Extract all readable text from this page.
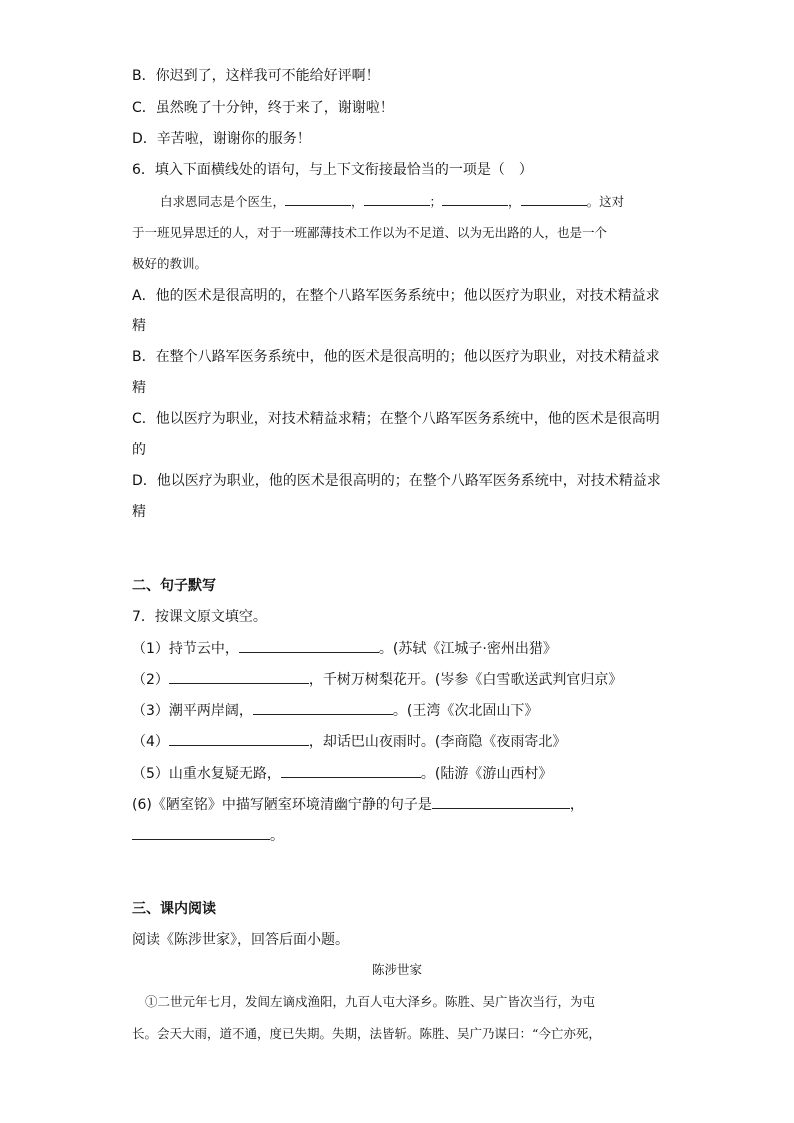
B．你迟到了，这样我可不能给好评啊！
C．虽然晚了十分钟，终于来了，谢谢啦！
D．辛苦啦，谢谢你的服务！
6．填入下面横线处的语句，与上下文衔接最恰当的一项是（　）
白求恩同志是个医生，	，	；	，	。这对
于一班见异思迁的人，对于一班鄙薄技术工作以为不足道、以为无出路的人，也是一个
极好的教训。
A．他的医术是很高明的，在整个八路军医务系统中；他以医疗为职业，对技术精益求
精
B．在整个八路军医务系统中，他的医术是很高明的；他以医疗为职业，对技术精益求
精
C．他以医疗为职业，对技术精益求精；在整个八路军医务系统中，他的医术是很高明
的
D．他以医疗为职业，他的医术是很高明的；在整个八路军医务系统中，对技术精益求
精
二、句子默写
7．按课文原文填空。
（1）持节云中，	。(苏轼《江城子·密州出猎》
（2）	，千树万树梨花开。(岑参《白雪歌送武判官归京》
（3）潮平两岸阔，	。(王湾《次北固山下》
（4）	，却话巴山夜雨时。(李商隐《夜雨寄北》
（5）山重水复疑无路，	。(陆游《游山西村》
(6)《陋室铭》中描写陋室环境清幽宁静的句子是	，
。
三、课内阅读
阅读《陈涉世家》，回答后面小题。
陈涉世家
①二世元年七月，发闾左谪戍渔阳，九百人屯大泽乡。陈胜、吴广皆次当行，为屯
长。会天大雨，道不通，度已失期。失期，法皆斩。陈胜、吴广乃谋曰：“今亡亦死，
